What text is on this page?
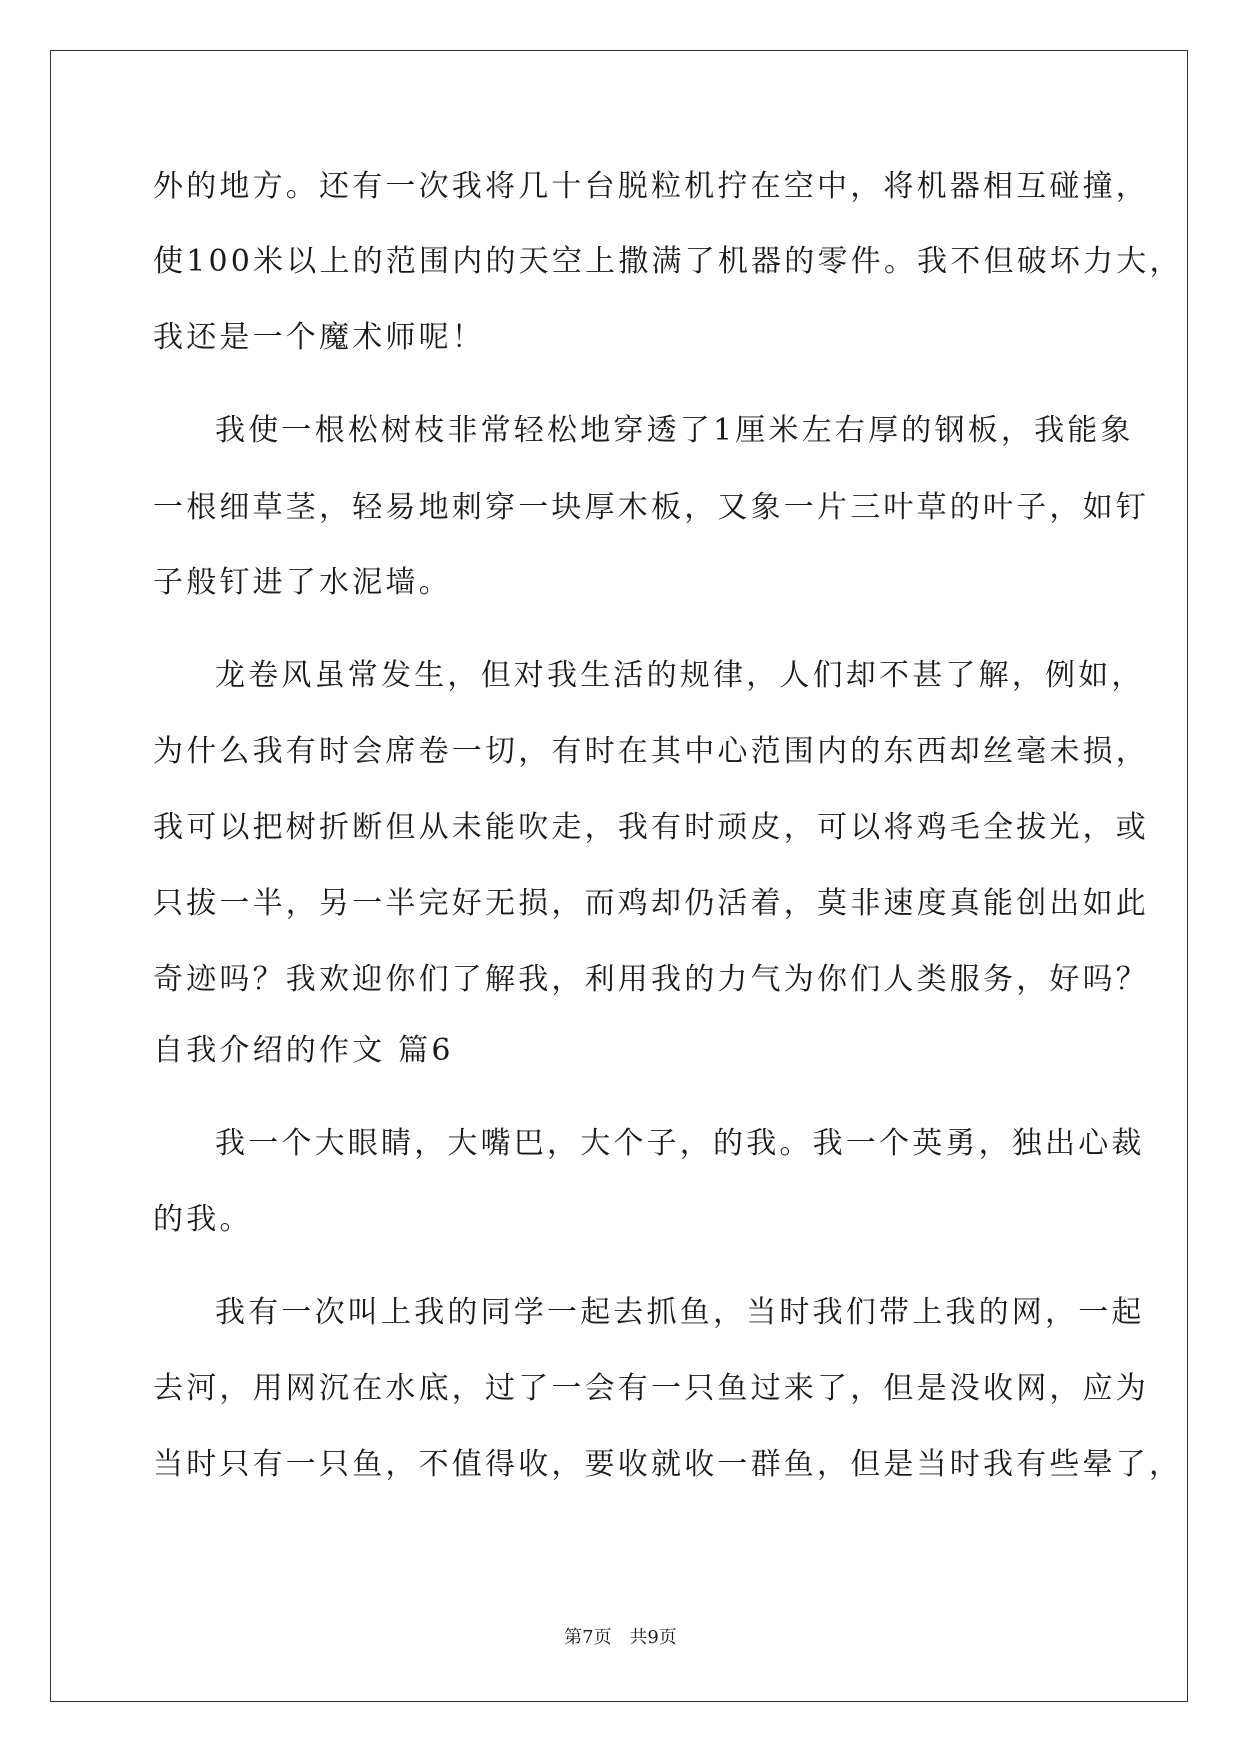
外的地方。还有一次我将几十台脱粒机拧在空中，将机器相互碰撞，
使100米以上的范围内的天空上撒满了机器的零件。我不但破坏力大，
我还是一个魔术师呢！
我使一根松树枝非常轻松地穿透了1厘米左右厚的钢板，我能象
一根细草茎，轻易地刺穿一块厚木板，又象一片三叶草的叶子，如钉
子般钉进了水泥墙。
龙卷风虽常发生，但对我生活的规律，人们却不甚了解，例如，
为什么我有时会席卷一切，有时在其中心范围内的东西却丝毫未损，
我可以把树折断但从未能吹走，我有时顽皮，可以将鸡毛全拔光，或
只拔一半，另一半完好无损，而鸡却仍活着，莫非速度真能创出如此
奇迹吗？我欢迎你们了解我，利用我的力气为你们人类服务，好吗？
自我介绍的作文 篇6
我一个大眼睛，大嘴巴，大个子，的我。我一个英勇，独出心裁
的我。
我有一次叫上我的同学一起去抓鱼，当时我们带上我的网，一起
去河，用网沉在水底，过了一会有一只鱼过来了，但是没收网，应为
当时只有一只鱼，不值得收，要收就收一群鱼，但是当时我有些晕了，
第7页 共9页
